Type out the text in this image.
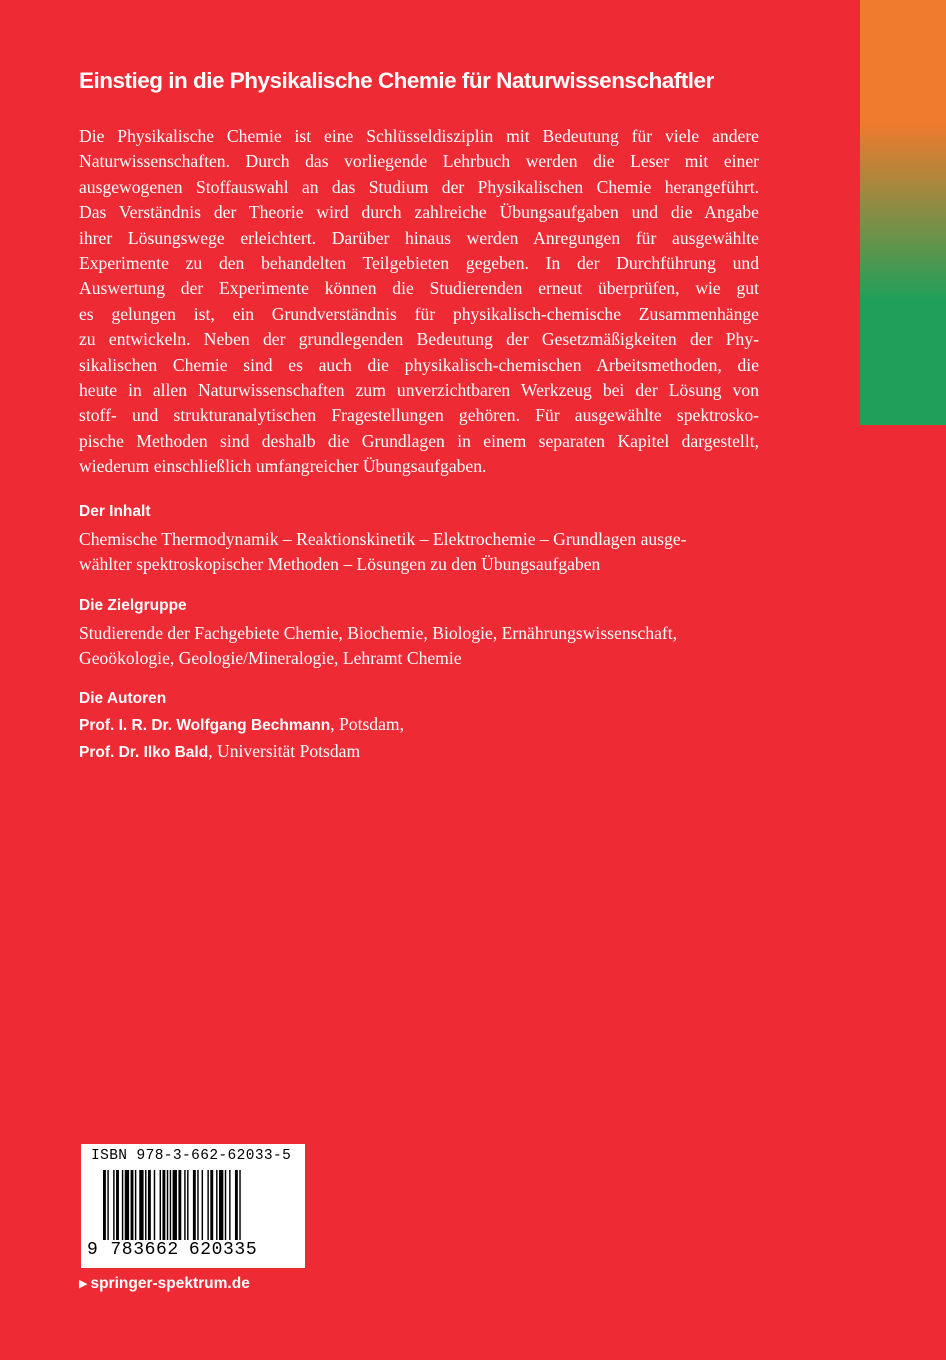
Einstieg in die Physikalische Chemie für Naturwissenschaftler

Die Physikalische Chemie ist eine Schlüsseldisziplin mit Bedeutung für viele andere
Naturwissenschaften. Durch das vorliegende Lehrbuch werden die Leser mit einer
ausgewogenen Stoffauswahl an das Studium der Physikalischen Chemie herangeführt.
Das Verständnis der Theorie wird durch zahlreiche Übungsaufgaben und die Angabe
ihrer Lösungswege erleichtert. Darüber hinaus werden Anregungen für ausgewählte
Experimente zu den behandelten Teilgebieten gegeben. In der Durchführung und
Auswertung der Experimente können die Studierenden erneut überprüfen, wie gut
es gelungen ist, ein Grundverständnis für physikalisch-chemische Zusammenhänge
zu entwickeln. Neben der grundlegenden Bedeutung der Gesetzmäßigkeiten der Phy-
sikalischen Chemie sind es auch die physikalisch-chemischen Arbeitsmethoden, die
heute in allen Naturwissenschaften zum unverzichtbaren Werkzeug bei der Lösung von
stoff- und strukturanalytischen Fragestellungen gehören. Für ausgewählte spektrosko-
pische Methoden sind deshalb die Grundlagen in einem separaten Kapitel dargestellt,
wiederum einschließlich umfangreicher Übungsaufgaben.

Der Inhalt

Chemische Thermodynamik – Reaktionskinetik – Elektrochemie – Grundlagen ausge-
wählter spektroskopischer Methoden – Lösungen zu den Übungsaufgaben

Die Zielgruppe

Studierende der Fachgebiete Chemie, Biochemie, Biologie, Ernährungswissenschaft,
Geoökologie, Geologie/Mineralogie, Lehramt Chemie

Die Autoren

Prof. I. R. Dr. Wolfgang Bechmann, Potsdam,
Prof. Dr. Ilko Bald, Universität Potsdam

ISBN 978-3-662-62033-5
9 783662 620335
▶ springer-spektrum.de
